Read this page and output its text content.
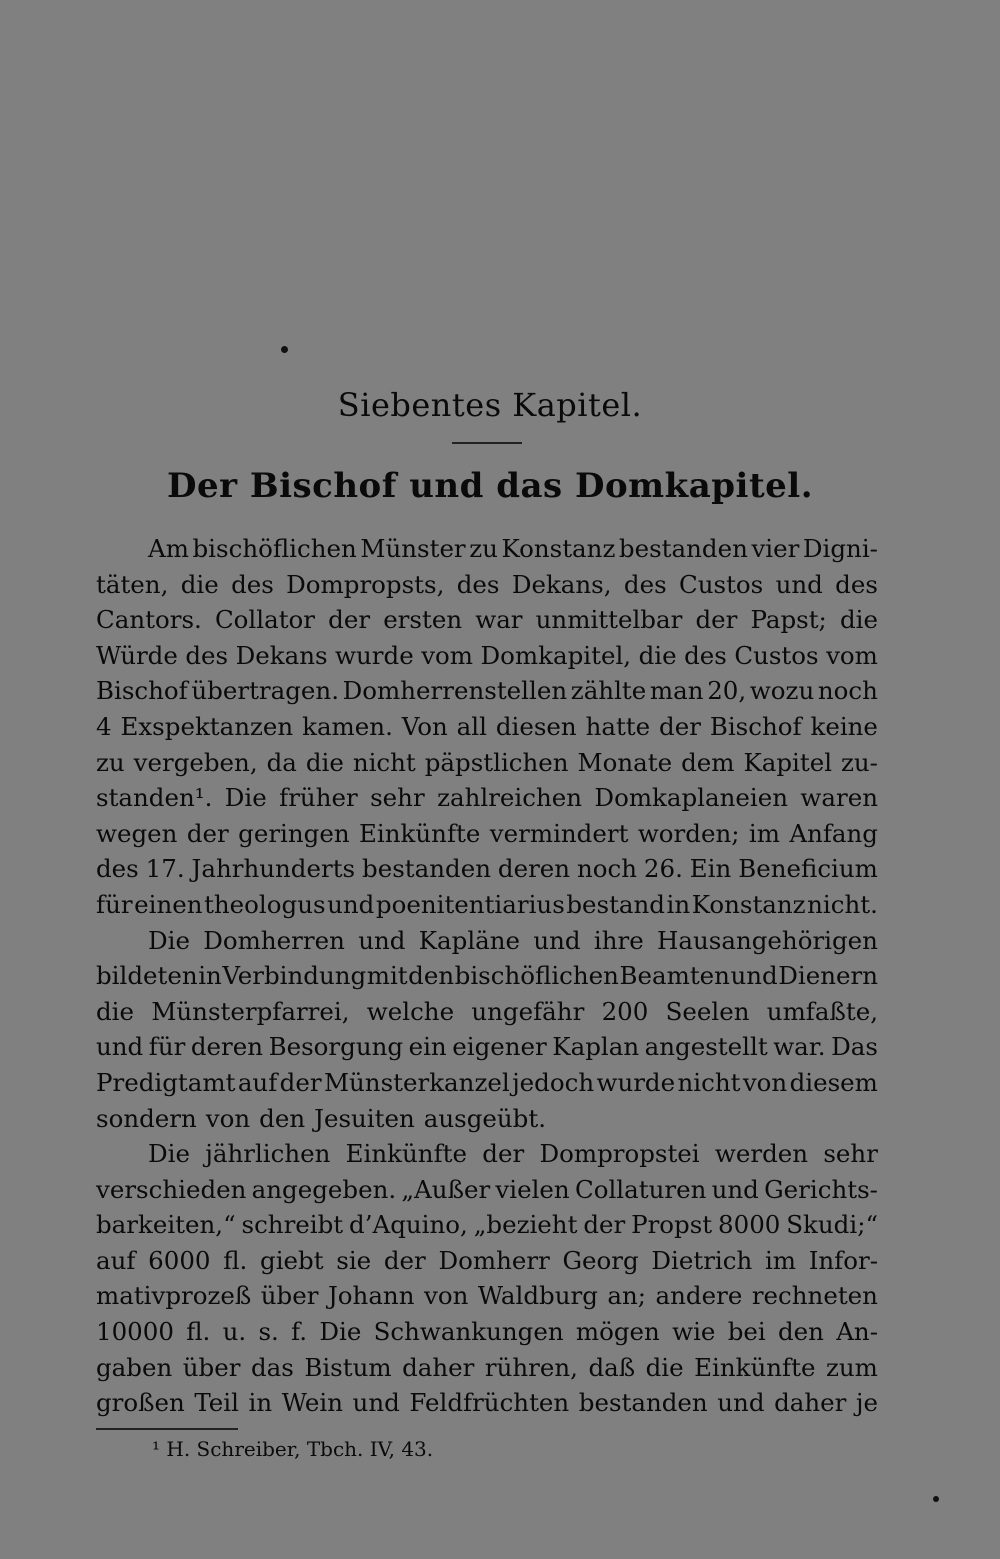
Siebentes Kapitel.
Der Bischof und das Domkapitel.
Am bischöflichen Münster zu Konstanz bestanden vier Digni-
täten, die des Dompropsts, des Dekans, des Custos und des
Cantors. Collator der ersten war unmittelbar der Papst; die
Würde des Dekans wurde vom Domkapitel, die des Custos vom
Bischof übertragen. Domherrenstellen zählte man 20, wozu noch
4 Exspektanzen kamen. Von all diesen hatte der Bischof keine
zu vergeben, da die nicht päpstlichen Monate dem Kapitel zu-
standen¹. Die früher sehr zahlreichen Domkaplaneien waren
wegen der geringen Einkünfte vermindert worden; im Anfang
des 17. Jahrhunderts bestanden deren noch 26. Ein Beneficium
für einen theologus und poenitentiarius bestand in Konstanz nicht.
Die Domherren und Kapläne und ihre Hausangehörigen
bildeten in Verbindung mit den bischöflichen Beamten und Dienern
die Münsterpfarrei, welche ungefähr 200 Seelen umfaßte,
und für deren Besorgung ein eigener Kaplan angestellt war. Das
Predigtamt auf der Münsterkanzel jedoch wurde nicht von diesem
sondern von den Jesuiten ausgeübt.
Die jährlichen Einkünfte der Dompropstei werden sehr
verschieden angegeben. „Außer vielen Collaturen und Gerichts-
barkeiten,“ schreibt d’Aquino, „bezieht der Propst 8000 Skudi;“
auf 6000 fl. giebt sie der Domherr Georg Dietrich im Infor-
mativprozeß über Johann von Waldburg an; andere rechneten
10000 fl. u. s. f. Die Schwankungen mögen wie bei den An-
gaben über das Bistum daher rühren, daß die Einkünfte zum
großen Teil in Wein und Feldfrüchten bestanden und daher je
¹ H. Schreiber, Tbch. IV, 43.
